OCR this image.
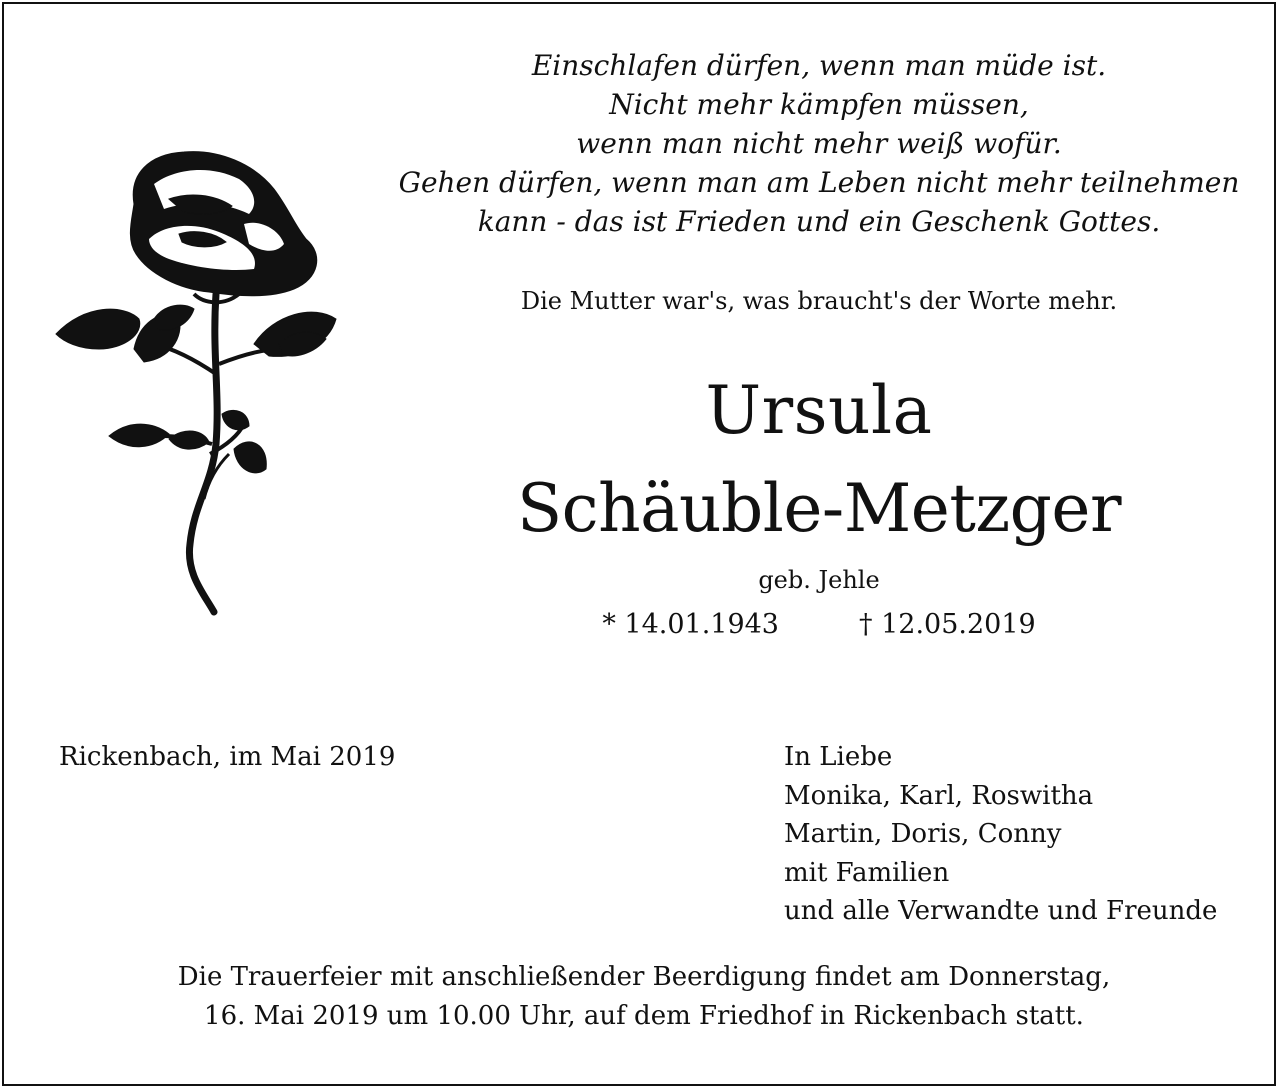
Einschlafen dürfen, wenn man müde ist.
Nicht mehr kämpfen müssen,
wenn man nicht mehr weiß wofür.
Gehen dürfen, wenn man am Leben nicht mehr teilnehmen
kann - das ist Frieden und ein Geschenk Gottes.
Die Mutter war's, was braucht's der Worte mehr.
Ursula
Schäuble-Metzger
geb. Jehle
* 14.01.1943	† 12.05.2019
Rickenbach, im Mai 2019	In Liebe
Monika, Karl, Roswitha
Martin, Doris, Conny
mit Familien
und alle Verwandte und Freunde
Die Trauerfeier mit anschließender Beerdigung findet am Donnerstag,
16. Mai 2019 um 10.00 Uhr, auf dem Friedhof in Rickenbach statt.
